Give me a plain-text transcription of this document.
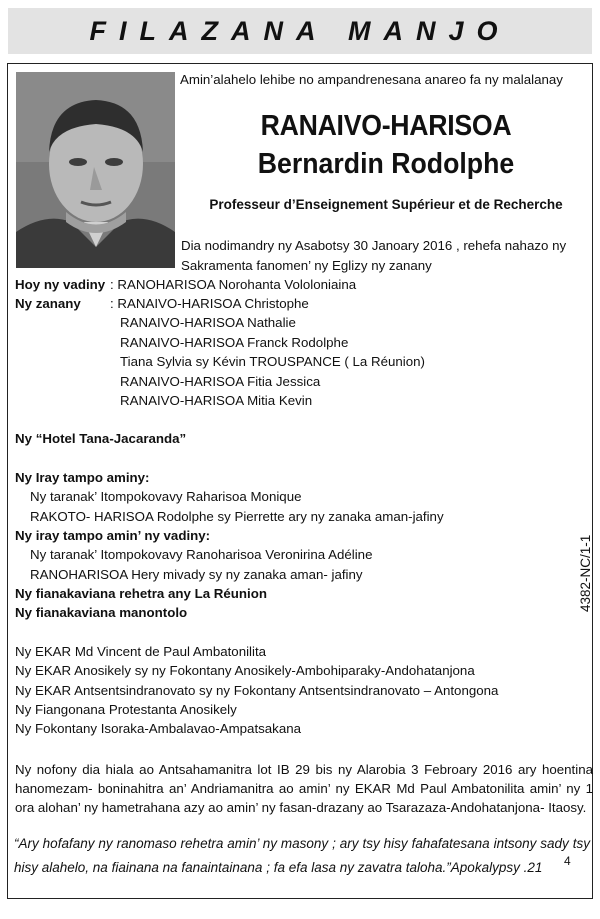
FILAZANA MANJO
Amin’alahelo lehibe no ampandrenesana anareo fa ny malalanay
RANAIVO-HARISOA
Bernardin Rodolphe
Professeur d’Enseignement Supérieur et de Recherche
Dia nodimandry ny Asabotsy 30 Janoary 2016 , rehefa nahazo ny
Sakramenta fanomen’ ny Eglizy ny zanany
Hoy ny vadiny : RANOHARISOA Norohanta Vololoniaina
Ny zanany : RANAIVO-HARISOA Christophe
RANAIVO-HARISOA Nathalie
RANAIVO-HARISOA Franck Rodolphe
Tiana Sylvia sy Kévin TROUSPANCE ( La Réunion)
RANAIVO-HARISOA Fitia Jessica
RANAIVO-HARISOA Mitia Kevin
Ny “Hotel Tana-Jacaranda”
Ny Iray tampo aminy:
Ny taranak’ Itompokovavy Raharisoa Monique
RAKOTO- HARISOA Rodolphe sy Pierrette ary ny zanaka aman-jafiny
Ny iray tampo amin’ ny vadiny:
Ny taranak’ Itompokovavy Ranoharisoa Veronirina Adéline
RANOHARISOA Hery mivady sy ny zanaka aman- jafiny
Ny fianakaviana rehetra any La Réunion
Ny fianakaviana manontolo
Ny EKAR Md Vincent de Paul Ambatonilita
Ny EKAR Anosikely sy ny Fokontany Anosikely-Ambohiparaky-Andohatanjona
Ny EKAR Antsentsindranovato sy ny Fokontany Antsentsindranovato – Antongona
Ny Fiangonana Protestanta Anosikely
Ny Fokontany Isoraka-Ambalavao-Ampatsakana
Ny nofony dia hiala ao Antsahamanitra lot IB 29 bis ny Alarobia 3 Febroary 2016 ary hoentina hanomezam- boninahitra an’ Andriamanitra ao amin’ ny EKAR Md Paul Ambatonilita amin’ ny 1 ora alohan’ ny hametrahana azy ao amin’ ny fasan-drazany ao Tsarazaza-Andohatanjona- Itaosy.
“Ary hofafany ny ranomaso rehetra amin’ ny masony ; ary tsy hisy fahafatesana intsony sady tsy hisy alahelo, na fiainana na fanaintainana ; fa efa lasa ny zavatra taloha.”Apokalypsy .21	4
4382-NC/1-1
